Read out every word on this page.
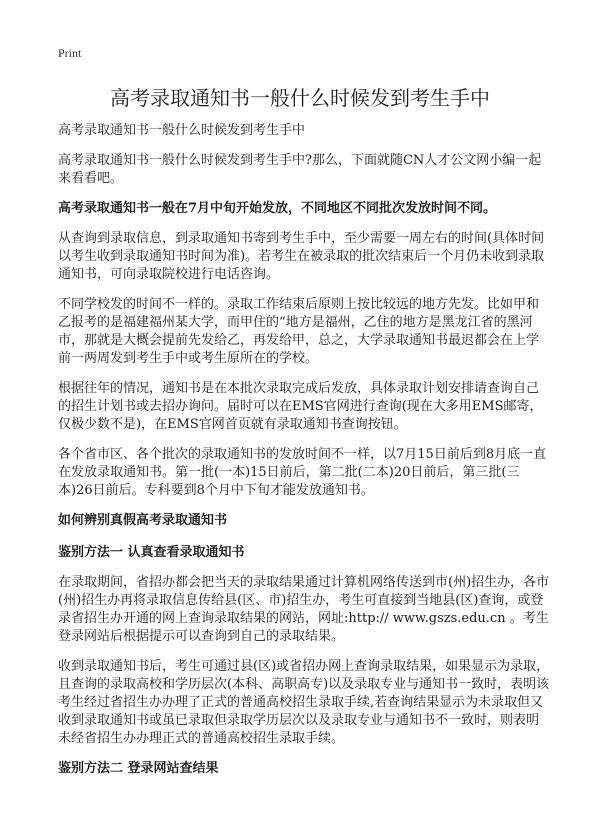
Print
高考录取通知书一般什么时候发到考生手中

高考录取通知书一般什么时候发到考生手中

高考录取通知书一般什么时候发到考生手中?那么，下面就随CN人才公文网小编一起来看看吧。

高考录取通知书一般在7月中旬开始发放，不同地区不同批次发放时间不同。

从查询到录取信息，到录取通知书寄到考生手中，至少需要一周左右的时间(具体时间以考生收到录取通知书时间为准)。若考生在被录取的批次结束后一个月仍未收到录取通知书，可向录取院校进行电话咨询。

不同学校发的时间不一样的。录取工作结束后原则上按比较远的地方先发。比如甲和乙报考的是福建福州某大学，而甲住的“地方是福州，乙住的地方是黑龙江省的黑河市，那就是大概会提前先发给乙，再发给甲，总之，大学录取通知书最迟都会在上学前一两周发到考生手中或考生原所在的学校。

根据往年的情况，通知书是在本批次录取完成后发放，具体录取计划安排请查询自己的招生计划书或去招办询问。届时可以在EMS官网进行查询(现在大多用EMS邮寄，仅极少数不是)，在EMS官网首页就有录取通知书查询按钮。

各个省市区、各个批次的录取通知书的发放时间不一样，以7月15日前后到8月底一直在发放录取通知书。第一批(一本)15日前后，第二批(二本)20日前后，第三批(三本)26日前后。专科要到8个月中下旬才能发放通知书。

如何辨别真假高考录取通知书

鉴别方法一 认真查看录取通知书

在录取期间，省招办都会把当天的录取结果通过计算机网络传送到市(州)招生办，各市(州)招生办再将录取信息传给县(区、市)招生办，考生可直接到当地县(区)查询，或登录省招生办开通的网上查询录取结果的网站，网址:http:// www.gszs.edu.cn 。考生登录网站后根据提示可以查询到自己的录取结果。

收到录取通知书后，考生可通过县(区)或省招办网上查询录取结果，如果显示为录取，且查询的录取高校和学历层次(本科、高职高专)以及录取专业与通知书一致时，表明该考生经过省招生办办理了正式的普通高校招生录取手续,若查询结果显示为未录取但又收到录取通知书或虽已录取但录取学历层次以及录取专业与通知书不一致时，则表明未经省招生办办理正式的普通高校招生录取手续。

鉴别方法二 登录网站查结果
